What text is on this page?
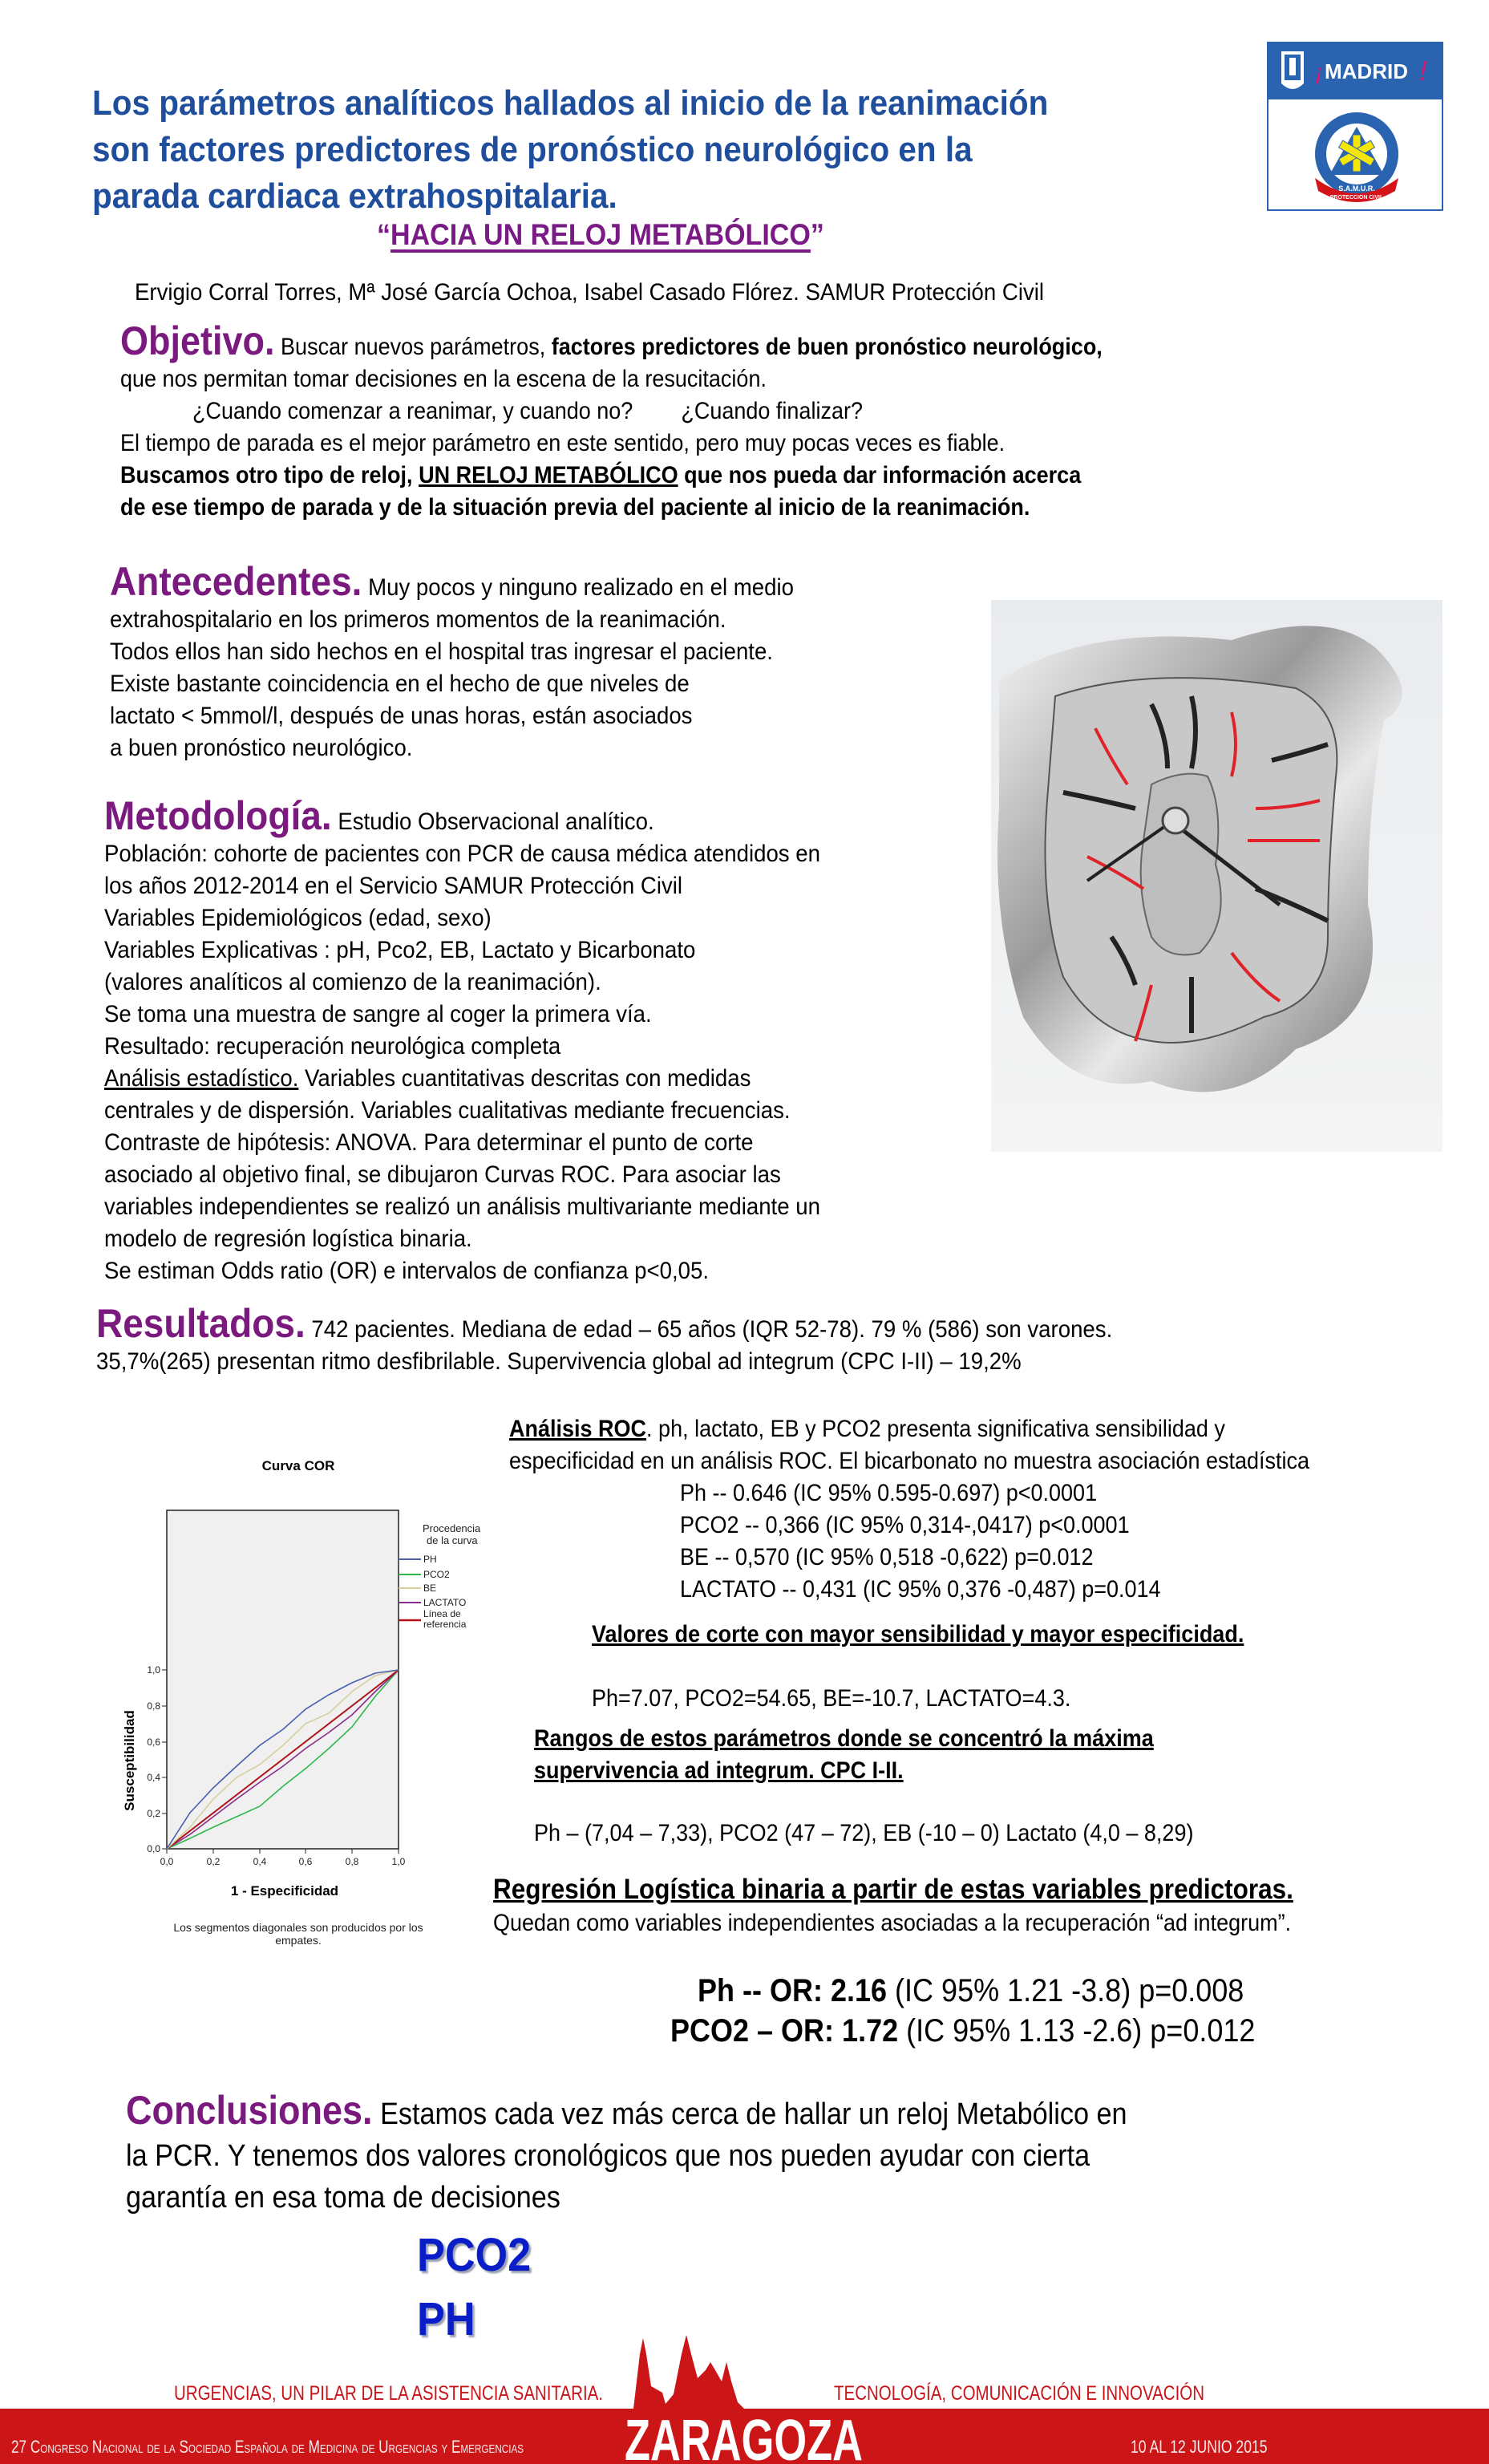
Los parámetros analíticos hallados al inicio de la reanimación
son factores predictores de pronóstico neurológico en la
parada cardiaca extrahospitalaria.
“HACIA UN RELOJ METABÓLICO”
Ervigio Corral Torres, Mª José García Ochoa, Isabel Casado Flórez. SAMUR Protección Civil
¡ MADRID !
S.A.M.U.R.
PROTECCION CIVIL
Objetivo. Buscar nuevos parámetros, factores predictores de buen pronóstico neurológico,
que nos permitan tomar decisiones en la escena de la resucitación.
¿Cuando comenzar a reanimar, y cuando no? ¿Cuando finalizar?
El tiempo de parada es el mejor parámetro en este sentido, pero muy pocas veces es fiable.
Buscamos otro tipo de reloj, UN RELOJ METABÓLICO que nos pueda dar información acerca
de ese tiempo de parada y de la situación previa del paciente al inicio de la reanimación.
Antecedentes. Muy pocos y ninguno realizado en el medio
extrahospitalario en los primeros momentos de la reanimación.
Todos ellos han sido hechos en el hospital tras ingresar el paciente.
Existe bastante coincidencia en el hecho de que niveles de
lactato < 5mmol/l, después de unas horas, están asociados
a buen pronóstico neurológico.
Metodología. Estudio Observacional analítico.
Población: cohorte de pacientes con PCR de causa médica atendidos en
los años 2012-2014 en el Servicio SAMUR Protección Civil
Variables Epidemiológicos (edad, sexo)
Variables Explicativas : pH, Pco2, EB, Lactato y Bicarbonato
(valores analíticos al comienzo de la reanimación).
Se toma una muestra de sangre al coger la primera vía.
Resultado: recuperación neurológica completa
Análisis estadístico. Variables cuantitativas descritas con medidas
centrales y de dispersión. Variables cualitativas mediante frecuencias.
Contraste de hipótesis: ANOVA. Para determinar el punto de corte
asociado al objetivo final, se dibujaron Curvas ROC. Para asociar las
variables independientes se realizó un análisis multivariante mediante un
modelo de regresión logística binaria.
Se estiman Odds ratio (OR) e intervalos de confianza p<0,05.
Resultados. 742 pacientes. Mediana de edad – 65 años (IQR 52-78). 79 % (586) son varones.
35,7%(265) presentan ritmo desfibrilable. Supervivencia global ad integrum (CPC I-II) – 19,2%
Curva COR
0,0
0,2
0,4
0,6
0,8
1,0
0,0	0,2	0,4	0,6	0,8	1,0
1 - Especificidad
Susceptibilidad
Procedencia
de la curva
PH
PCO2
BE
LACTATO
Línea de
referencia
Los segmentos diagonales son producidos por los
empates.
Análisis ROC. ph, lactato, EB y PCO2 presenta significativa sensibilidad y
especificidad en un análisis ROC. El bicarbonato no muestra asociación estadística
Ph -- 0.646 (IC 95% 0.595-0.697) p<0.0001
PCO2 -- 0,366 (IC 95% 0,314-,0417) p<0.0001
BE -- 0,570 (IC 95% 0,518 -0,622) p=0.012
LACTATO -- 0,431 (IC 95% 0,376 -0,487) p=0.014
Valores de corte con mayor sensibilidad y mayor especificidad.
Ph=7.07, PCO2=54.65, BE=-10.7, LACTATO=4.3.
Rangos de estos parámetros donde se concentró la máxima
supervivencia ad integrum. CPC I-II.
Ph – (7,04 – 7,33), PCO2 (47 – 72), EB (-10 – 0) Lactato (4,0 – 8,29)
Regresión Logística binaria a partir de estas variables predictoras.
Quedan como variables independientes asociadas a la recuperación “ad integrum”.
Ph -- OR: 2.16 (IC 95% 1.21 -3.8) p=0.008
PCO2 – OR: 1.72 (IC 95% 1.13 -2.6) p=0.012
Conclusiones. Estamos cada vez más cerca de hallar un reloj Metabólico en
la PCR. Y tenemos dos valores cronológicos que nos pueden ayudar con cierta
garantía en esa toma de decisiones
PCO2
PH
URGENCIAS, UN PILAR DE LA ASISTENCIA SANITARIA.	TECNOLOGÍA, COMUNICACIÓN E INNOVACIÓN
ZARAGOZA
27 Congreso Nacional de la Sociedad Española de Medicina de Urgencias y Emergencias	10 AL 12 JUNIO 2015
